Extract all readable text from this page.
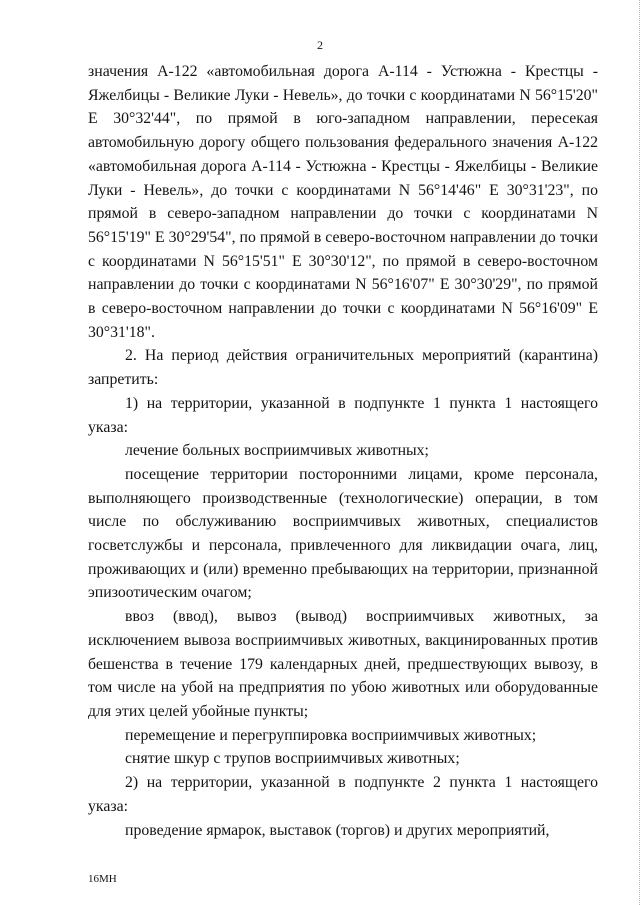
2

значения А-122 «автомобильная дорога А-114 - Устюжна - Крестцы - Яжелбицы - Великие Луки - Невель», до точки с координатами N 56°15'20" E 30°32'44", по прямой в юго-западном направлении, пересекая автомобильную дорогу общего пользования федерального значения А-122 «автомобильная дорога А-114 - Устюжна - Крестцы - Яжелбицы - Великие Луки - Невель», до точки с координатами N 56°14'46" E 30°31'23", по прямой в северо-западном направлении до точки с координатами N 56°15'19" E 30°29'54", по прямой в северо-восточном направлении до точки с координатами N 56°15'51" E 30°30'12", по прямой в северо-восточном направлении до точки с координатами N 56°16'07" E 30°30'29", по прямой в северо-восточном направлении до точки с координатами N 56°16'09" E 30°31'18".

2. На период действия ограничительных мероприятий (карантина) запретить:

1) на территории, указанной в подпункте 1 пункта 1 настоящего указа:

лечение больных восприимчивых животных;

посещение территории посторонними лицами, кроме персонала, выполняющего производственные (технологические) операции, в том числе по обслуживанию восприимчивых животных, специалистов госветслужбы и персонала, привлеченного для ликвидации очага, лиц, проживающих и (или) временно пребывающих на территории, признанной эпизоотическим очагом;

ввоз (ввод), вывоз (вывод) восприимчивых животных, за исключением вывоза восприимчивых животных, вакцинированных против бешенства в течение 179 календарных дней, предшествующих вывозу, в том числе на убой на предприятия по убою животных или оборудованные для этих целей убойные пункты;

перемещение и перегруппировка восприимчивых животных;

снятие шкур с трупов восприимчивых животных;

2) на территории, указанной в подпункте 2 пункта 1 настоящего указа:

проведение ярмарок, выставок (торгов) и других мероприятий,

16МН
